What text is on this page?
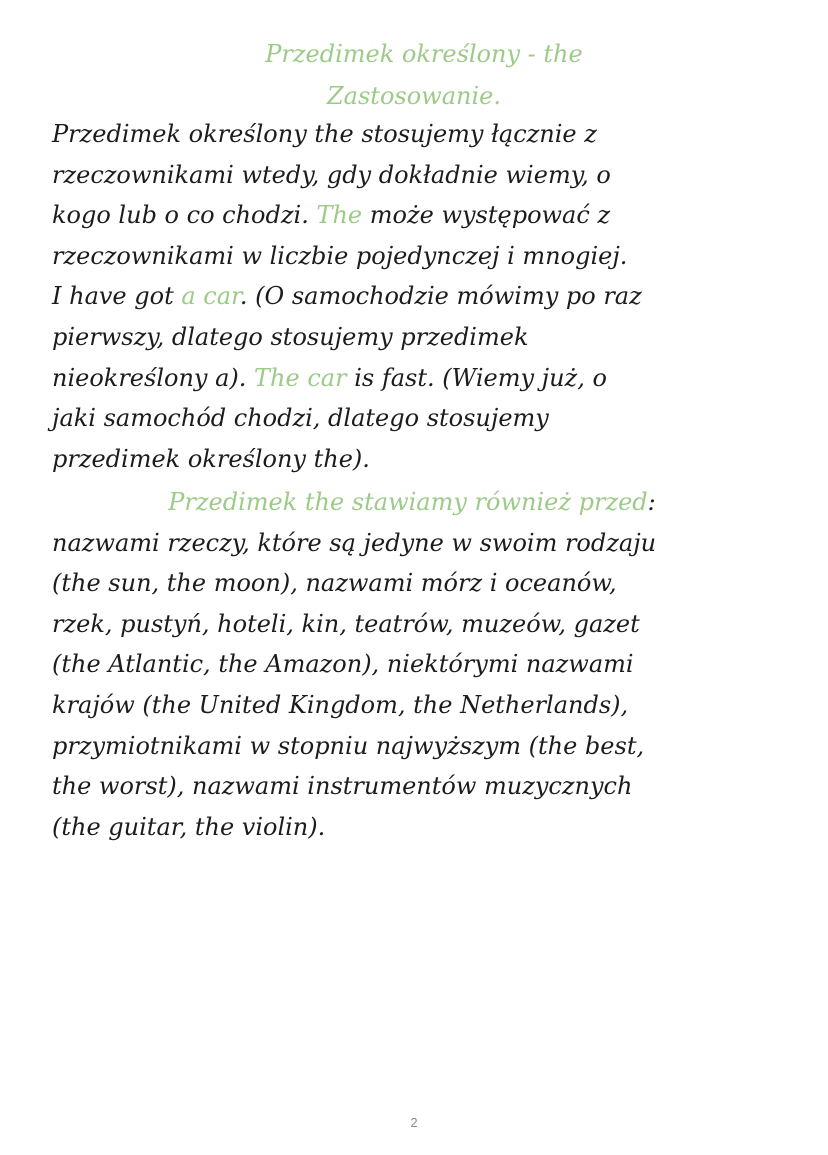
Przedimek określony - the
Zastosowanie.

Przedimek określony the stosujemy łącznie z
rzeczownikami wtedy, gdy dokładnie wiemy, o
kogo lub o co chodzi. The może występować z
rzeczownikami w liczbie pojedynczej i mnogiej.
I have got a car. (O samochodzie mówimy po raz
pierwszy, dlatego stosujemy przedimek
nieokreślony a). The car is fast. (Wiemy już, o
jaki samochód chodzi, dlatego stosujemy
przedimek określony the).

Przedimek the stawiamy również przed:
nazwami rzeczy, które są jedyne w swoim rodzaju
(the sun, the moon), nazwami mórz i oceanów,
rzek, pustyń, hoteli, kin, teatrów, muzeów, gazet
(the Atlantic, the Amazon), niektórymi nazwami
krajów (the United Kingdom, the Netherlands),
przymiotnikami w stopniu najwyższym (the best,
the worst), nazwami instrumentów muzycznych
(the guitar, the violin).

2
